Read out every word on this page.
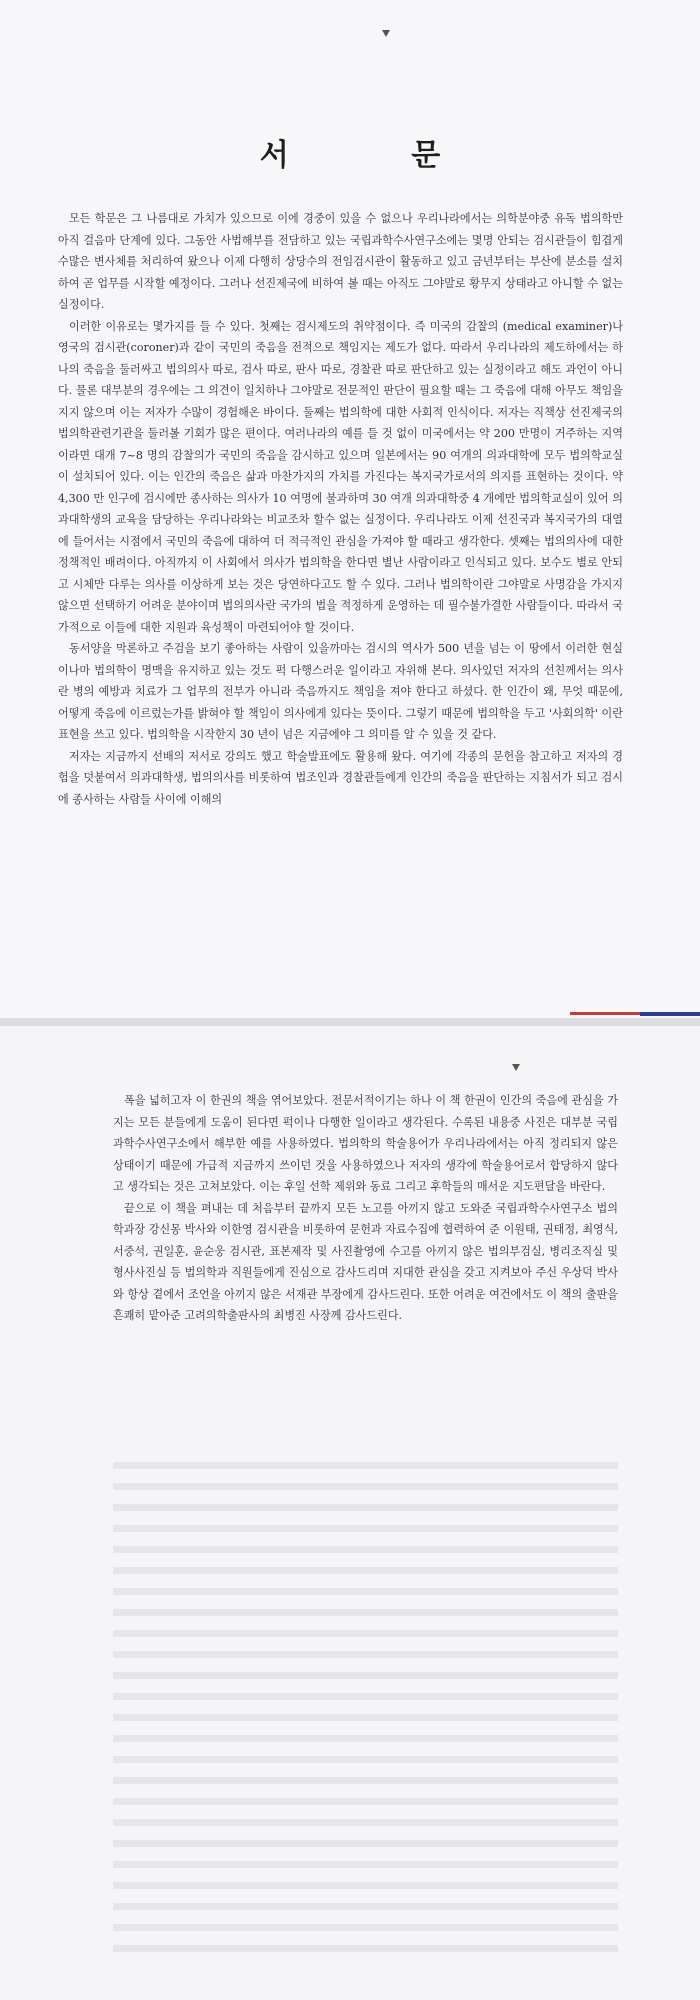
서 문

모든 학문은 그 나름대로 가치가 있으므로 이에 경중이 있을 수 없으나 우리나라에서는 의학분야중 유독 법의학만 아직 걸음마 단계에 있다. 그동안 사법해부를 전담하고 있는 국립과학수사연구소에는 몇명 안되는 검시관들이 힘겹게 수많은 변사체를 처리하여 왔으나 이제 다행히 상당수의 전임검시관이 활동하고 있고 금년부터는 부산에 분소를 설치하여 곧 업무를 시작할 예정이다. 그러나 선진제국에 비하여 볼 때는 아직도 그야말로 황무지 상태라고 아니할 수 없는 실정이다.

이러한 이유로는 몇가지를 들 수 있다. 첫째는 검시제도의 취약점이다. 즉 미국의 감찰의 (medical examiner)나 영국의 검시관(coroner)과 같이 국민의 죽음을 전적으로 책임지는 제도가 없다. 따라서 우리나라의 제도하에서는 하나의 죽음을 둘러싸고 법의의사 따로, 검사 따로, 판사 따로, 경찰관 따로 판단하고 있는 실정이라고 해도 과언이 아니다. 물론 대부분의 경우에는 그 의견이 일치하나 그야말로 전문적인 판단이 필요할 때는 그 죽음에 대해 아무도 책임을 지지 않으며 이는 저자가 수많이 경험해온 바이다. 둘째는 법의학에 대한 사회적 인식이다. 저자는 직책상 선진제국의 법의학관련기관을 둘러볼 기회가 많은 편이다. 여러나라의 예를 들 것 없이 미국에서는 약 200 만명이 거주하는 지역이라면 대개 7~8 명의 감찰의가 국민의 죽음을 감시하고 있으며 일본에서는 90 여개의 의과대학에 모두 법의학교실이 설치되어 있다. 이는 인간의 죽음은 삶과 마찬가지의 가치를 가진다는 복지국가로서의 의지를 표현하는 것이다. 약 4,300 만 인구에 검시에만 종사하는 의사가 10 여명에 불과하며 30 여개 의과대학중 4 개에만 법의학교실이 있어 의과대학생의 교육을 담당하는 우리나라와는 비교조차 할수 없는 실정이다. 우리나라도 이제 선진국과 복지국가의 대열에 들어서는 시점에서 국민의 죽음에 대하여 더 적극적인 관심을 가져야 할 때라고 생각한다. 셋째는 법의의사에 대한 정책적인 배려이다. 아직까지 이 사회에서 의사가 법의학을 한다면 별난 사람이라고 인식되고 있다. 보수도 별로 안되고 시체만 다루는 의사를 이상하게 보는 것은 당연하다고도 할 수 있다. 그러나 법의학이란 그야말로 사명감을 가지지 않으면 선택하기 어려운 분야이며 법의의사란 국가의 법을 적정하게 운영하는 데 필수불가결한 사람들이다. 따라서 국가적으로 이들에 대한 지원과 육성책이 마련되어야 할 것이다.

동서양을 막론하고 주검을 보기 좋아하는 사람이 있을까마는 검시의 역사가 500 년을 넘는 이 땅에서 이러한 현실이나마 법의학이 명맥을 유지하고 있는 것도 퍽 다행스러운 일이라고 자위해 본다. 의사있던 저자의 선친께서는 의사란 병의 예방과 치료가 그 업무의 전부가 아니라 죽음까지도 책임을 져야 한다고 하셨다. 한 인간이 왜, 무엇 때문에, 어떻게 죽음에 이르렀는가를 밝혀야 할 책임이 의사에게 있다는 뜻이다. 그렇기 때문에 법의학을 두고 '사회의학' 이란 표현을 쓰고 있다. 법의학을 시작한지 30 년이 넘은 지금에야 그 의미를 알 수 있을 것 같다.

저자는 지금까지 선배의 저서로 강의도 했고 학술발표에도 활용해 왔다. 여기에 각종의 문헌을 참고하고 저자의 경험을 덧붙여서 의과대학생, 법의의사를 비롯하여 법조인과 경찰관들에게 인간의 죽음을 판단하는 지침서가 되고 검시에 종사하는 사람들 사이에 이해의

폭을 넓히고자 이 한권의 책을 엮어보았다. 전문서적이기는 하나 이 책 한권이 인간의 죽음에 관심을 가지는 모든 분들에게 도움이 된다면 퍽이나 다행한 일이라고 생각된다. 수록된 내용중 사진은 대부분 국립과학수사연구소에서 해부한 예를 사용하였다. 법의학의 학술용어가 우리나라에서는 아직 정리되지 않은 상태이기 때문에 가급적 지금까지 쓰이던 것을 사용하였으나 저자의 생각에 학술용어로서 합당하지 않다고 생각되는 것은 고쳐보았다. 이는 후일 선학 제위와 동료 그리고 후학들의 매서운 지도편달을 바란다.

끝으로 이 책을 펴내는 데 처음부터 끝까지 모든 노고를 아끼지 않고 도와준 국립과학수사연구소 법의학과장 강신몽 박사와 이한영 검시관을 비롯하여 문헌과 자료수집에 협력하여 준 이원태, 권태정, 최영식, 서중석, 권일훈, 윤순웅 검시관, 표본제작 및 사진촬영에 수고를 아끼지 않은 법의부검실, 병리조직실 및 형사사진실 등 법의학과 직원들에게 진심으로 감사드리며 지대한 관심을 갖고 지켜보아 주신 우상덕 박사와 항상 곁에서 조언을 아끼지 않은 서재관 부장에게 감사드린다. 또한 어려운 여건에서도 이 책의 출판을 흔쾌히 맡아준 고려의학출판사의 최병진 사장께 감사드린다.
